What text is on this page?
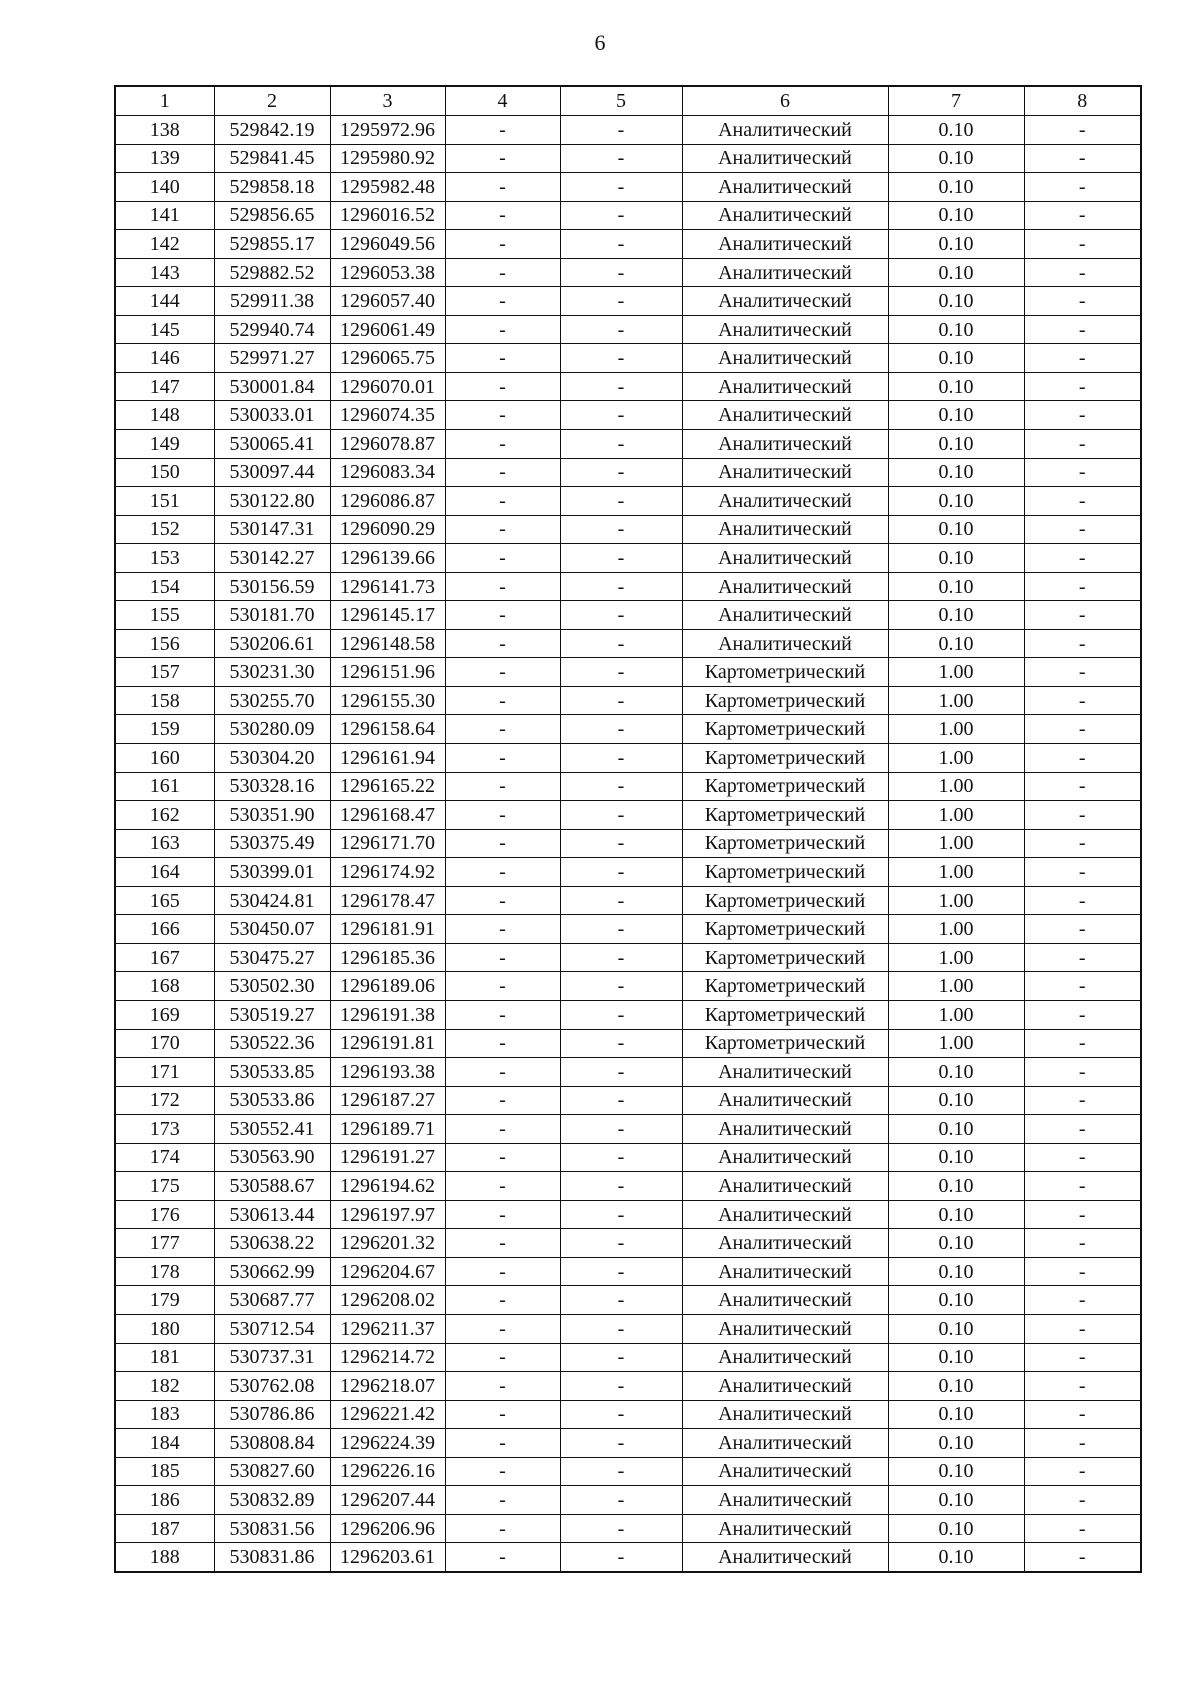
6
1	2	3	4	5	6	7	8
138	529842.19	1295972.96	-	-	Аналитический	0.10	-
139	529841.45	1295980.92	-	-	Аналитический	0.10	-
140	529858.18	1295982.48	-	-	Аналитический	0.10	-
141	529856.65	1296016.52	-	-	Аналитический	0.10	-
142	529855.17	1296049.56	-	-	Аналитический	0.10	-
143	529882.52	1296053.38	-	-	Аналитический	0.10	-
144	529911.38	1296057.40	-	-	Аналитический	0.10	-
145	529940.74	1296061.49	-	-	Аналитический	0.10	-
146	529971.27	1296065.75	-	-	Аналитический	0.10	-
147	530001.84	1296070.01	-	-	Аналитический	0.10	-
148	530033.01	1296074.35	-	-	Аналитический	0.10	-
149	530065.41	1296078.87	-	-	Аналитический	0.10	-
150	530097.44	1296083.34	-	-	Аналитический	0.10	-
151	530122.80	1296086.87	-	-	Аналитический	0.10	-
152	530147.31	1296090.29	-	-	Аналитический	0.10	-
153	530142.27	1296139.66	-	-	Аналитический	0.10	-
154	530156.59	1296141.73	-	-	Аналитический	0.10	-
155	530181.70	1296145.17	-	-	Аналитический	0.10	-
156	530206.61	1296148.58	-	-	Аналитический	0.10	-
157	530231.30	1296151.96	-	-	Картометрический	1.00	-
158	530255.70	1296155.30	-	-	Картометрический	1.00	-
159	530280.09	1296158.64	-	-	Картометрический	1.00	-
160	530304.20	1296161.94	-	-	Картометрический	1.00	-
161	530328.16	1296165.22	-	-	Картометрический	1.00	-
162	530351.90	1296168.47	-	-	Картометрический	1.00	-
163	530375.49	1296171.70	-	-	Картометрический	1.00	-
164	530399.01	1296174.92	-	-	Картометрический	1.00	-
165	530424.81	1296178.47	-	-	Картометрический	1.00	-
166	530450.07	1296181.91	-	-	Картометрический	1.00	-
167	530475.27	1296185.36	-	-	Картометрический	1.00	-
168	530502.30	1296189.06	-	-	Картометрический	1.00	-
169	530519.27	1296191.38	-	-	Картометрический	1.00	-
170	530522.36	1296191.81	-	-	Картометрический	1.00	-
171	530533.85	1296193.38	-	-	Аналитический	0.10	-
172	530533.86	1296187.27	-	-	Аналитический	0.10	-
173	530552.41	1296189.71	-	-	Аналитический	0.10	-
174	530563.90	1296191.27	-	-	Аналитический	0.10	-
175	530588.67	1296194.62	-	-	Аналитический	0.10	-
176	530613.44	1296197.97	-	-	Аналитический	0.10	-
177	530638.22	1296201.32	-	-	Аналитический	0.10	-
178	530662.99	1296204.67	-	-	Аналитический	0.10	-
179	530687.77	1296208.02	-	-	Аналитический	0.10	-
180	530712.54	1296211.37	-	-	Аналитический	0.10	-
181	530737.31	1296214.72	-	-	Аналитический	0.10	-
182	530762.08	1296218.07	-	-	Аналитический	0.10	-
183	530786.86	1296221.42	-	-	Аналитический	0.10	-
184	530808.84	1296224.39	-	-	Аналитический	0.10	-
185	530827.60	1296226.16	-	-	Аналитический	0.10	-
186	530832.89	1296207.44	-	-	Аналитический	0.10	-
187	530831.56	1296206.96	-	-	Аналитический	0.10	-
188	530831.86	1296203.61	-	-	Аналитический	0.10	-
